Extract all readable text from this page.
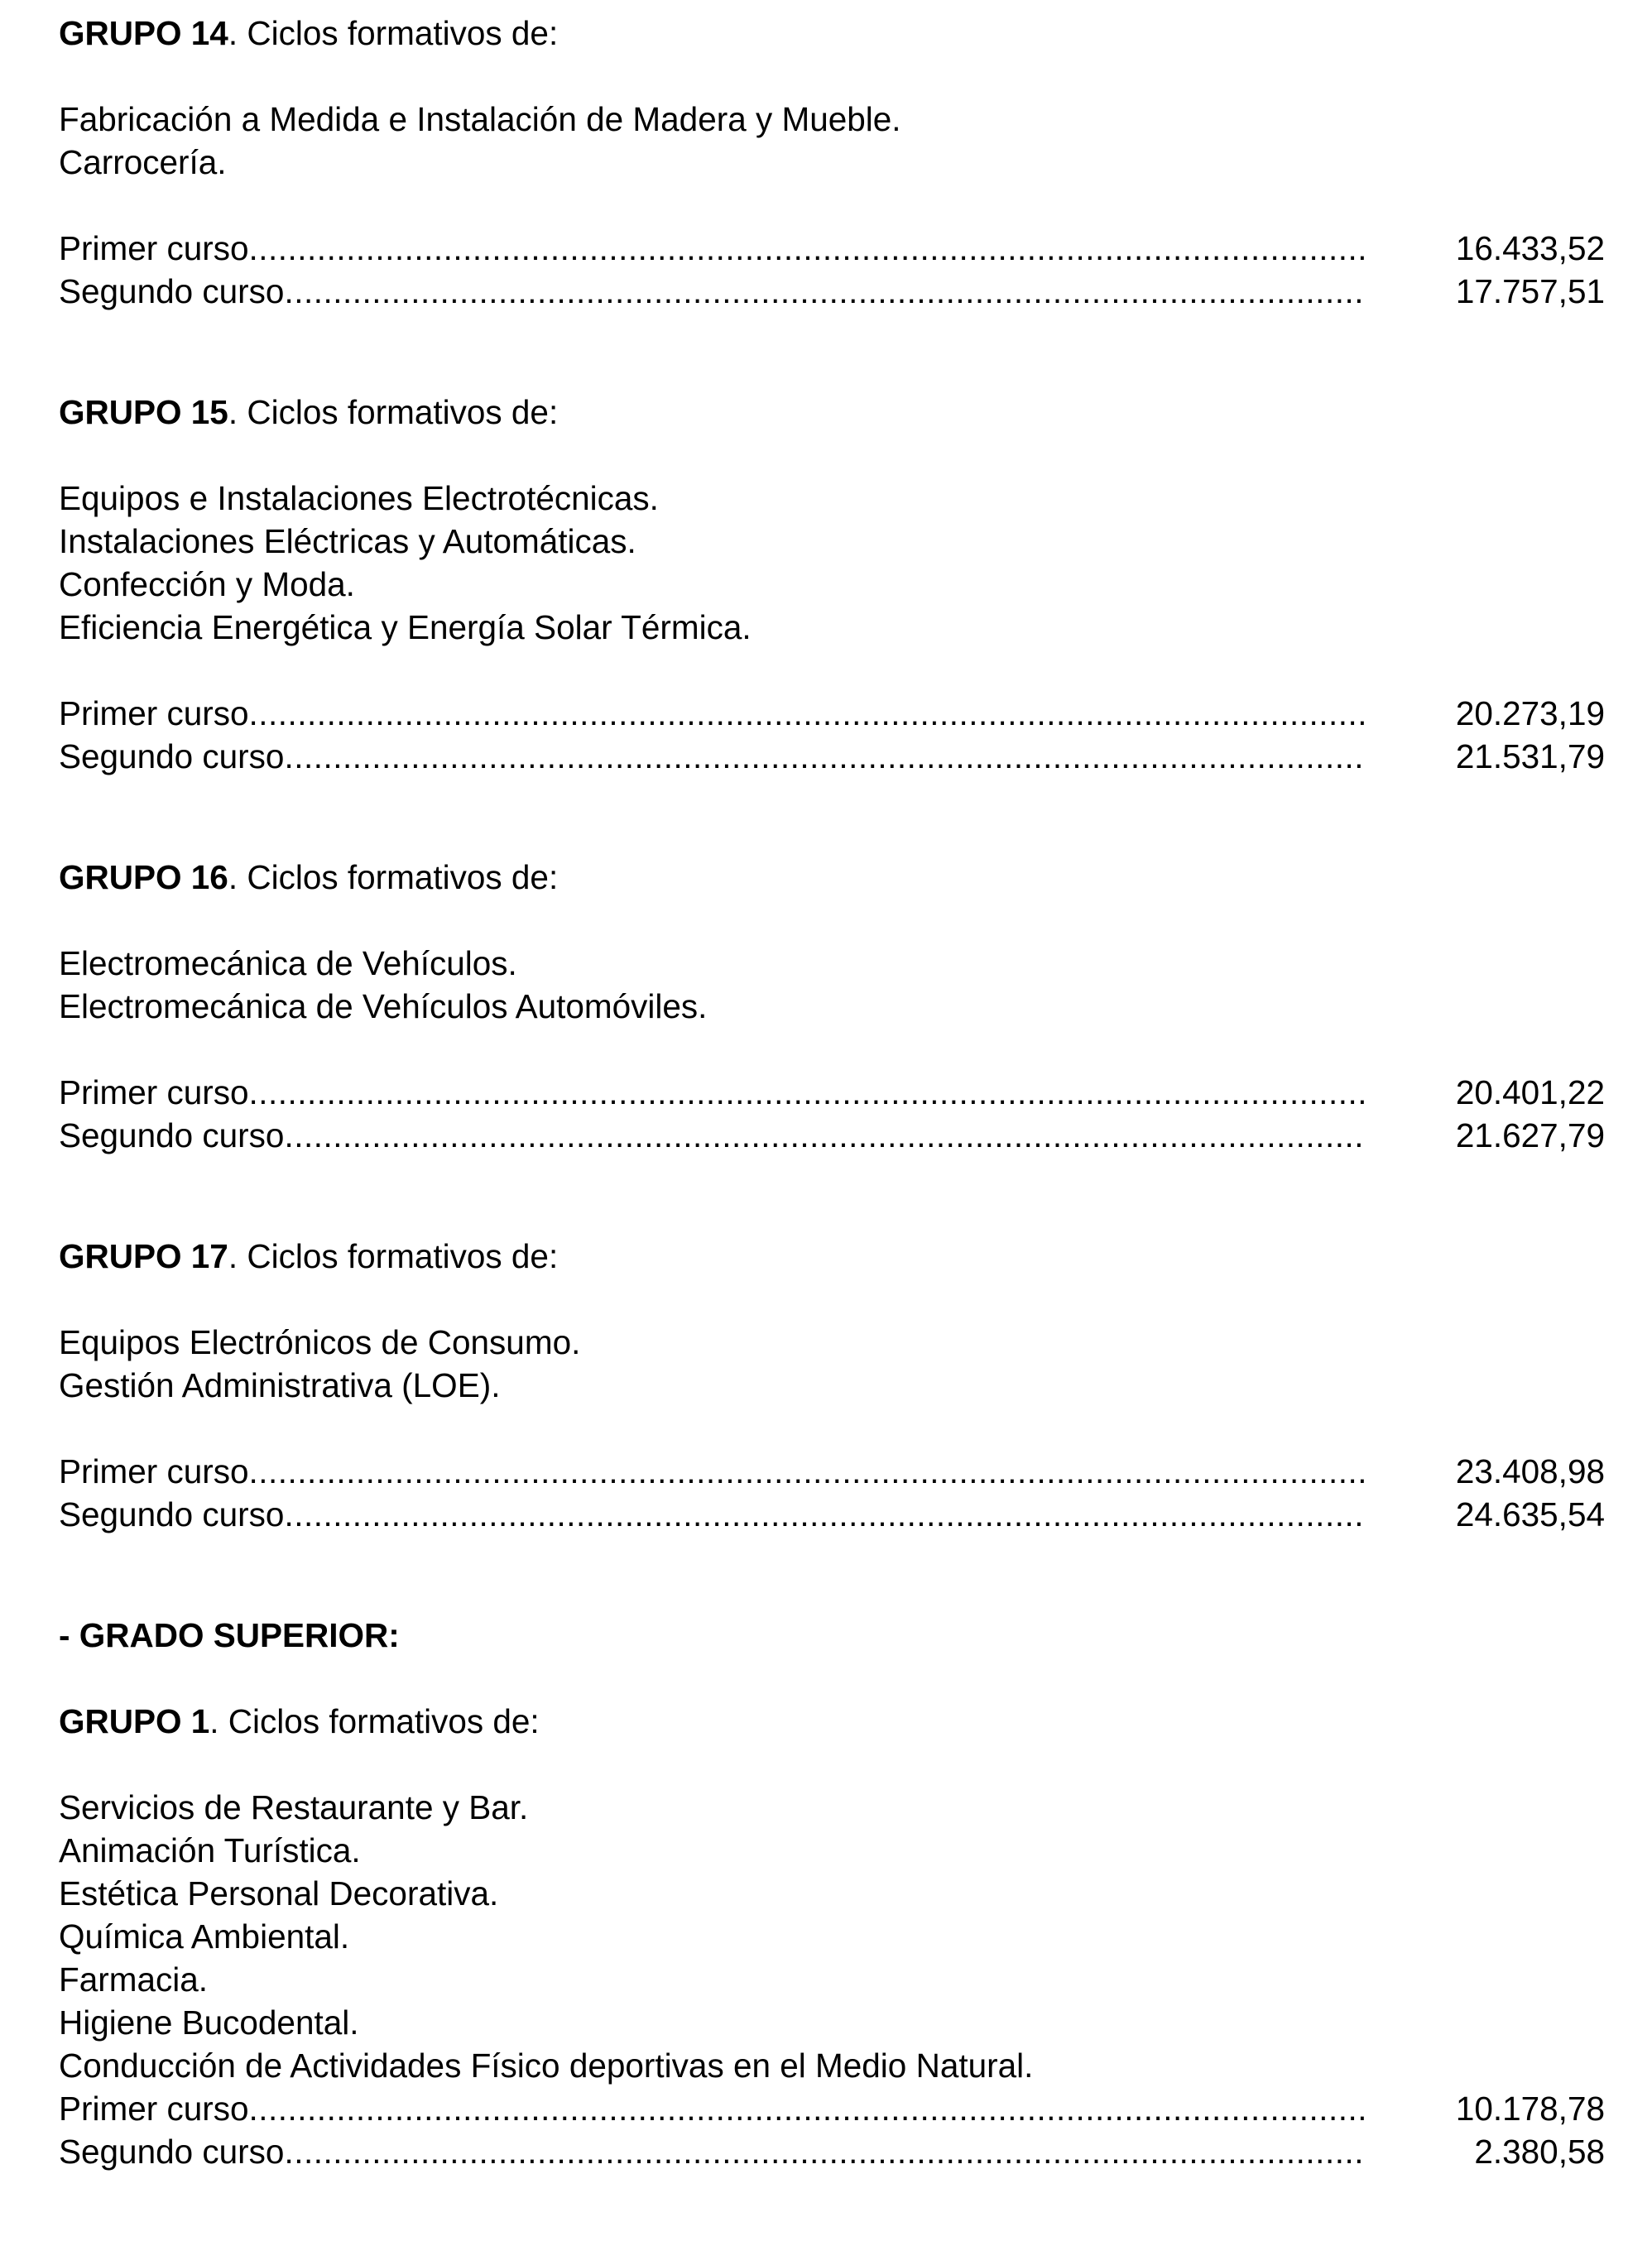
GRUPO 14. Ciclos formativos de:
Fabricación a Medida e Instalación de Madera y Mueble.
Carrocería.
Primer curso .....	16.433,52
Segundo curso .....	17.757,51
GRUPO 15. Ciclos formativos de:
Equipos e Instalaciones Electrotécnicas.
Instalaciones Eléctricas y Automáticas.
Confección y Moda.
Eficiencia Energética y Energía Solar Térmica.
Primer curso .....	20.273,19
Segundo curso .....	21.531,79
GRUPO 16. Ciclos formativos de:
Electromecánica de Vehículos.
Electromecánica de Vehículos Automóviles.
Primer curso .....	20.401,22
Segundo curso .....	21.627,79
GRUPO 17. Ciclos formativos de:
Equipos Electrónicos de Consumo.
Gestión Administrativa (LOE).
Primer curso .....	23.408,98
Segundo curso .....	24.635,54
- GRADO SUPERIOR:
GRUPO 1. Ciclos formativos de:
Servicios de Restaurante y Bar.
Animación Turística.
Estética Personal Decorativa.
Química Ambiental.
Farmacia.
Higiene Bucodental.
Conducción de Actividades Físico deportivas en el Medio Natural.
Primer curso .....	10.178,78
Segundo curso .....	2.380,58
